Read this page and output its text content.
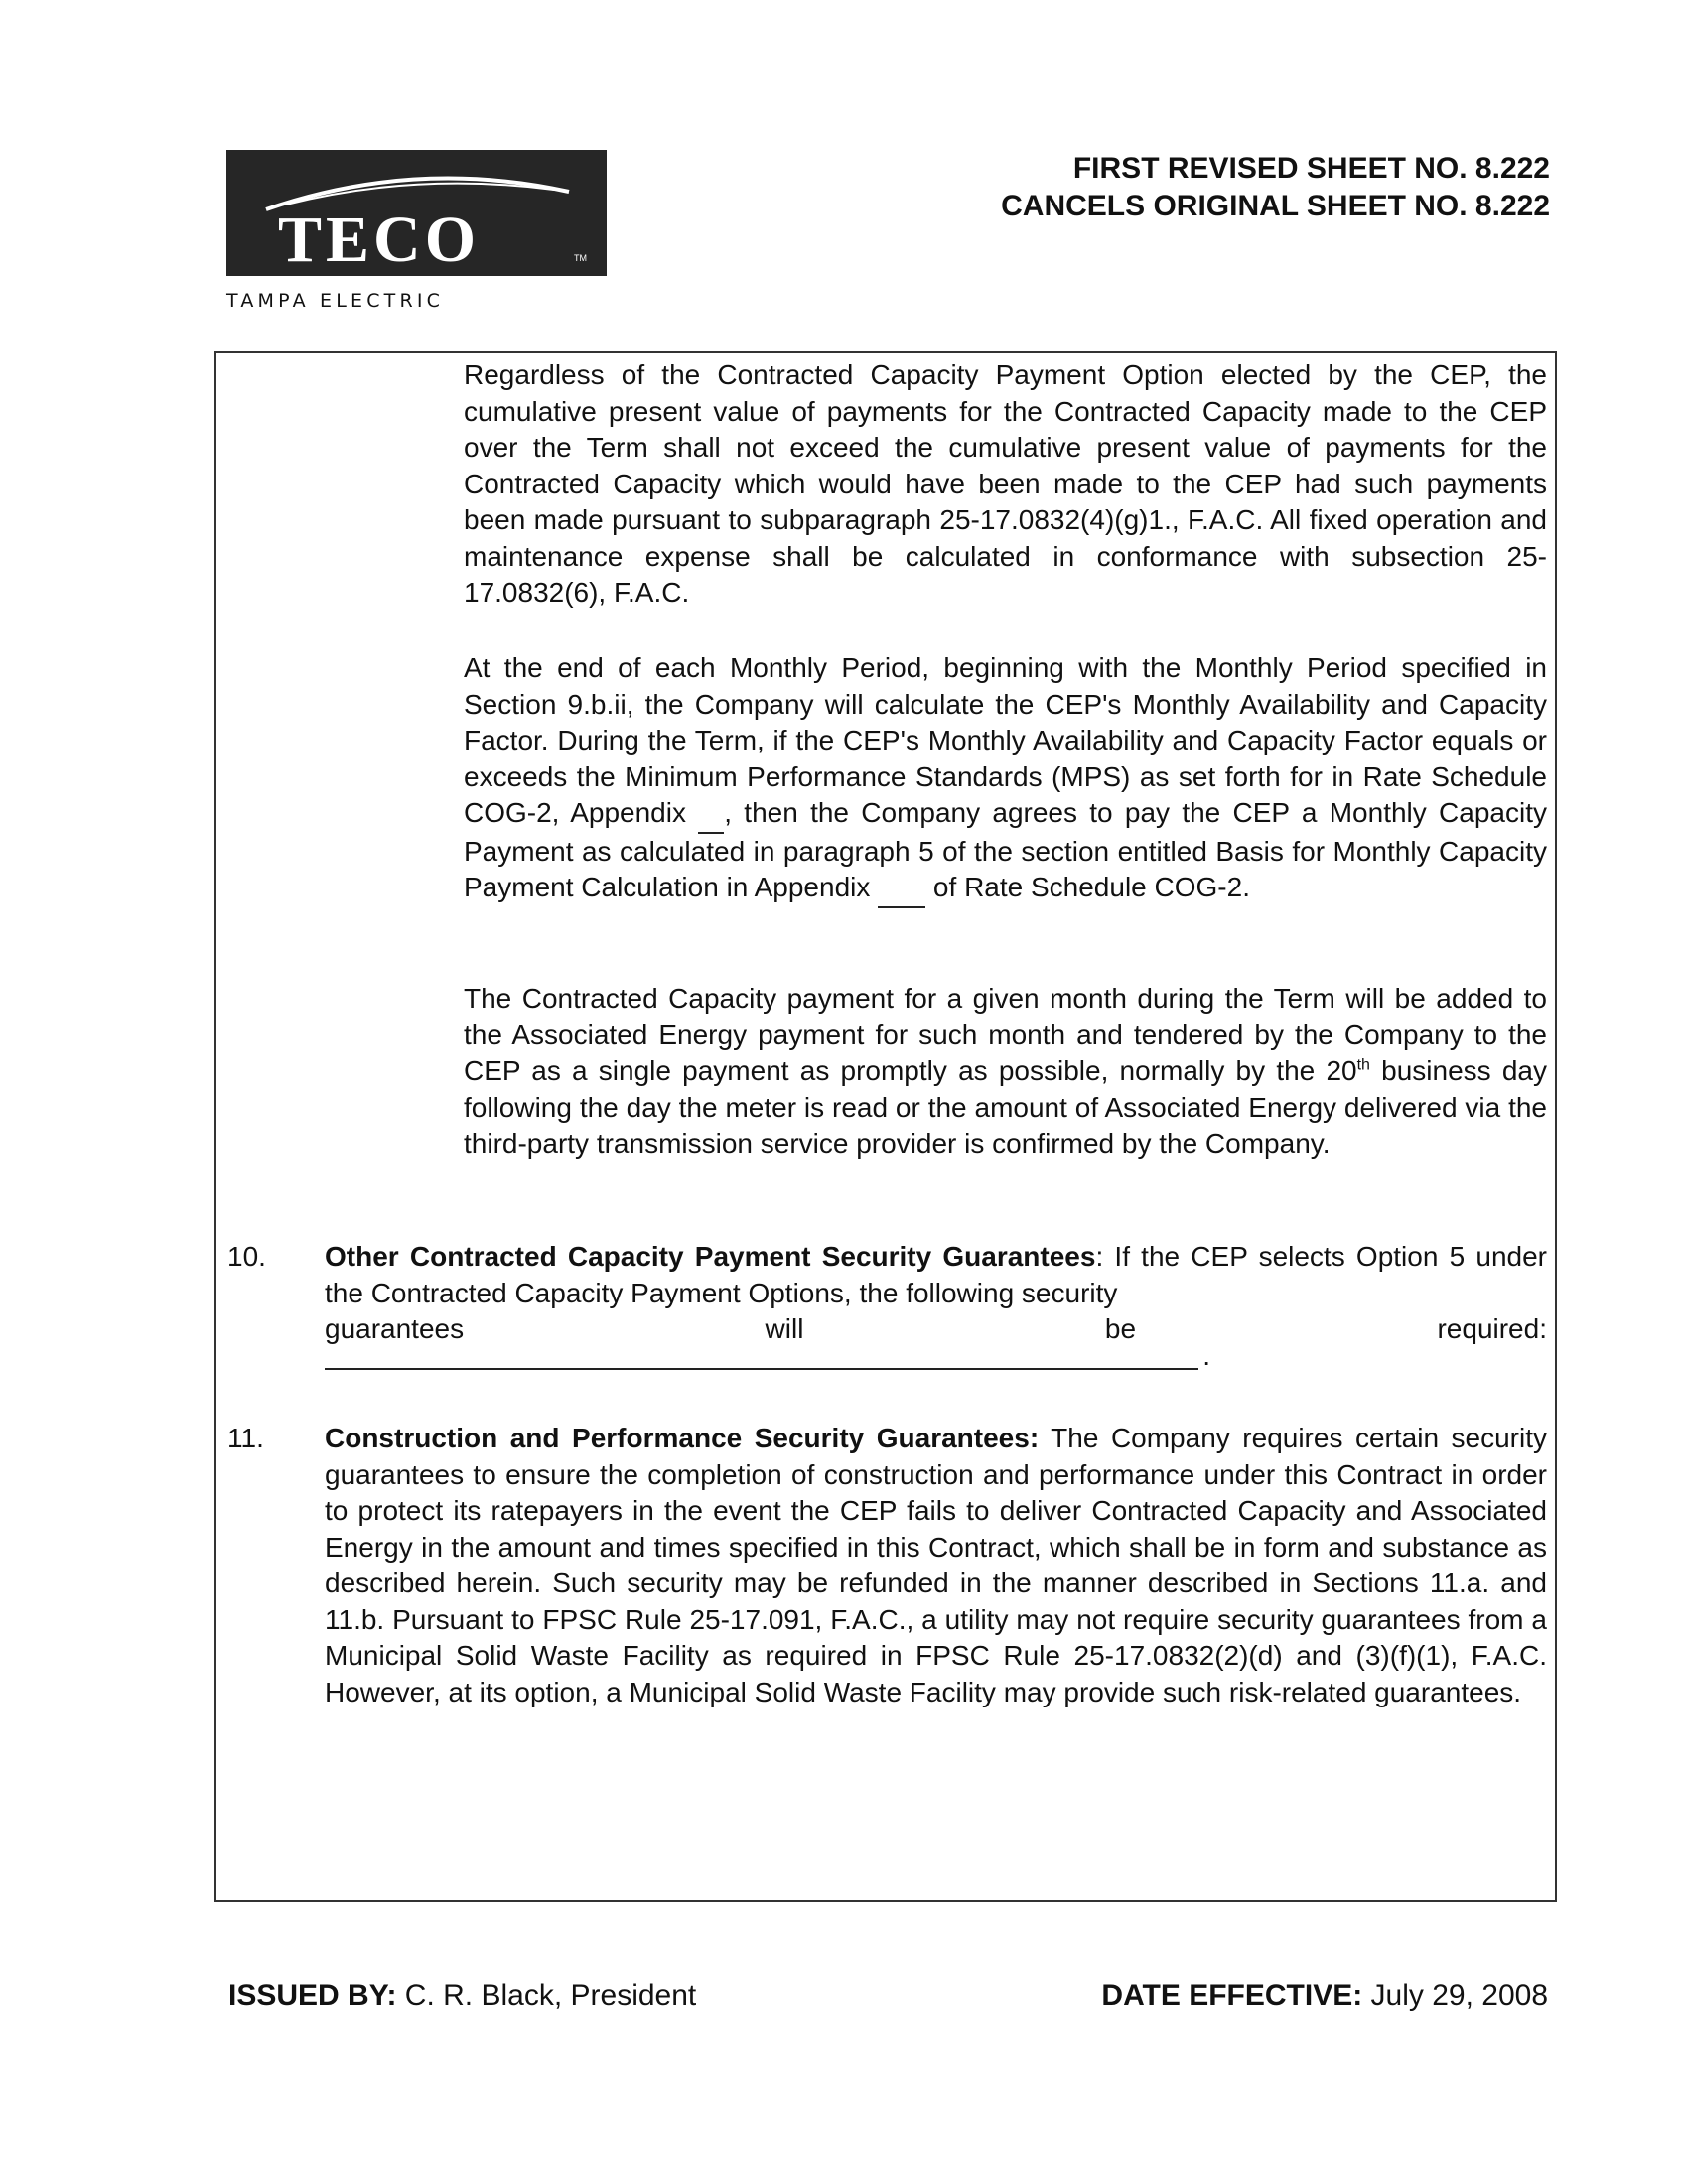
TECO	TM
TAMPA ELECTRIC
FIRST REVISED SHEET NO. 8.222
CANCELS ORIGINAL SHEET NO. 8.222
Regardless of the Contracted Capacity Payment Option elected by the CEP, the cumulative present value of payments for the Contracted Capacity made to the CEP over the Term shall not exceed the cumulative present value of payments for the Contracted Capacity which would have been made to the CEP had such payments been made pursuant to subparagraph 25-17.0832(4)(g)1., F.A.C. All fixed operation and maintenance expense shall be calculated in conformance with subsection 25-17.0832(6), F.A.C.
At the end of each Monthly Period, beginning with the Monthly Period specified in Section 9.b.ii, the Company will calculate the CEP's Monthly Availability and Capacity Factor. During the Term, if the CEP's Monthly Availability and Capacity Factor equals or exceeds the Minimum Performance Standards (MPS) as set forth for in Rate Schedule COG-2, Appendix  , then the Company agrees to pay the CEP a Monthly Capacity Payment as calculated in paragraph 5 of the section entitled Basis for Monthly Capacity Payment Calculation in Appendix   of Rate Schedule COG-2.
The Contracted Capacity payment for a given month during the Term will be added to the Associated Energy payment for such month and tendered by the Company to the CEP as a single payment as promptly as possible, normally by the 20th business day following the day the meter is read or the amount of Associated Energy delivered via the third-party transmission service provider is confirmed by the Company.
10. Other Contracted Capacity Payment Security Guarantees: If the CEP selects Option 5 under the Contracted Capacity Payment Options, the following security
guarantees	will	be	required:
.
11. Construction and Performance Security Guarantees: The Company requires certain security guarantees to ensure the completion of construction and performance under this Contract in order to protect its ratepayers in the event the CEP fails to deliver Contracted Capacity and Associated Energy in the amount and times specified in this Contract, which shall be in form and substance as described herein. Such security may be refunded in the manner described in Sections 11.a. and 11.b. Pursuant to FPSC Rule 25-17.091, F.A.C., a utility may not require security guarantees from a Municipal Solid Waste Facility as required in FPSC Rule 25-17.0832(2)(d) and (3)(f)(1), F.A.C. However, at its option, a Municipal Solid Waste Facility may provide such risk-related guarantees.
ISSUED BY: C. R. Black, President	DATE EFFECTIVE: July 29, 2008
